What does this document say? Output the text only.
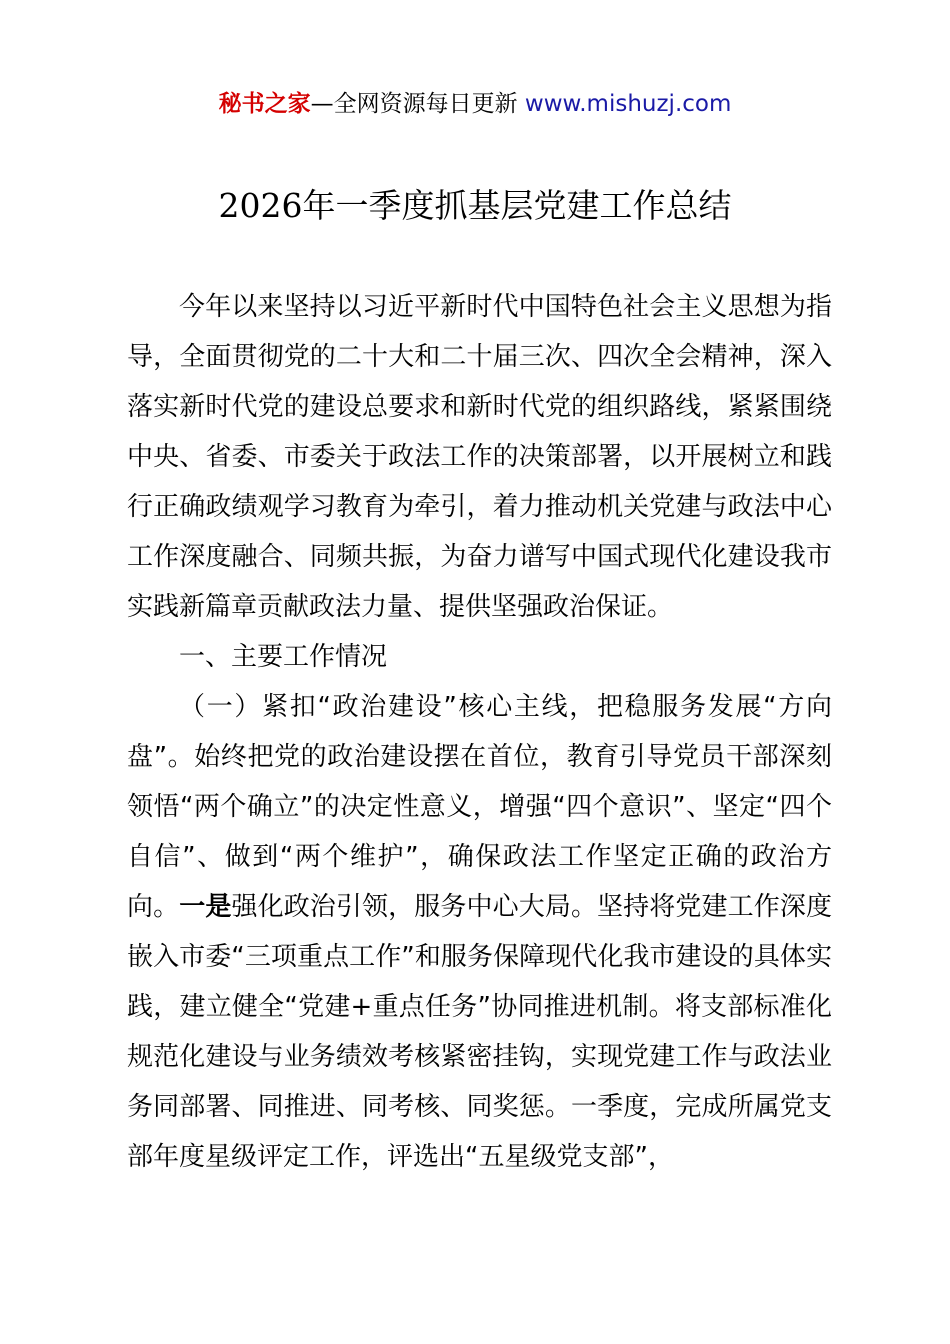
秘书之家—全网资源每日更新 www.mishuzj.com
2026年一季度抓基层党建工作总结

今年以来坚持以习近平新时代中国特色社会主义思想为指导，全面贯彻党的二十大和二十届三次、四次全会精神，深入落实新时代党的建设总要求和新时代党的组织路线，紧紧围绕中央、省委、市委关于政法工作的决策部署，以开展树立和践行正确政绩观学习教育为牵引，着力推动机关党建与政法中心工作深度融合、同频共振，为奋力谱写中国式现代化建设我市实践新篇章贡献政法力量、提供坚强政治保证。

一、主要工作情况

（一）紧扣“政治建设”核心主线，把稳服务发展“方向盘”。始终把党的政治建设摆在首位，教育引导党员干部深刻领悟“两个确立”的决定性意义，增强“四个意识”、坚定“四个自信”、做到“两个维护”，确保政法工作坚定正确的政治方向。一是强化政治引领，服务中心大局。坚持将党建工作深度嵌入市委“三项重点工作”和服务保障现代化我市建设的具体实践，建立健全“党建+重点任务”协同推进机制。将支部标准化规范化建设与业务绩效考核紧密挂钩，实现党建工作与政法业务同部署、同推进、同考核、同奖惩。一季度，完成所属党支部年度星级评定工作，评选出“五星级党支部”，
